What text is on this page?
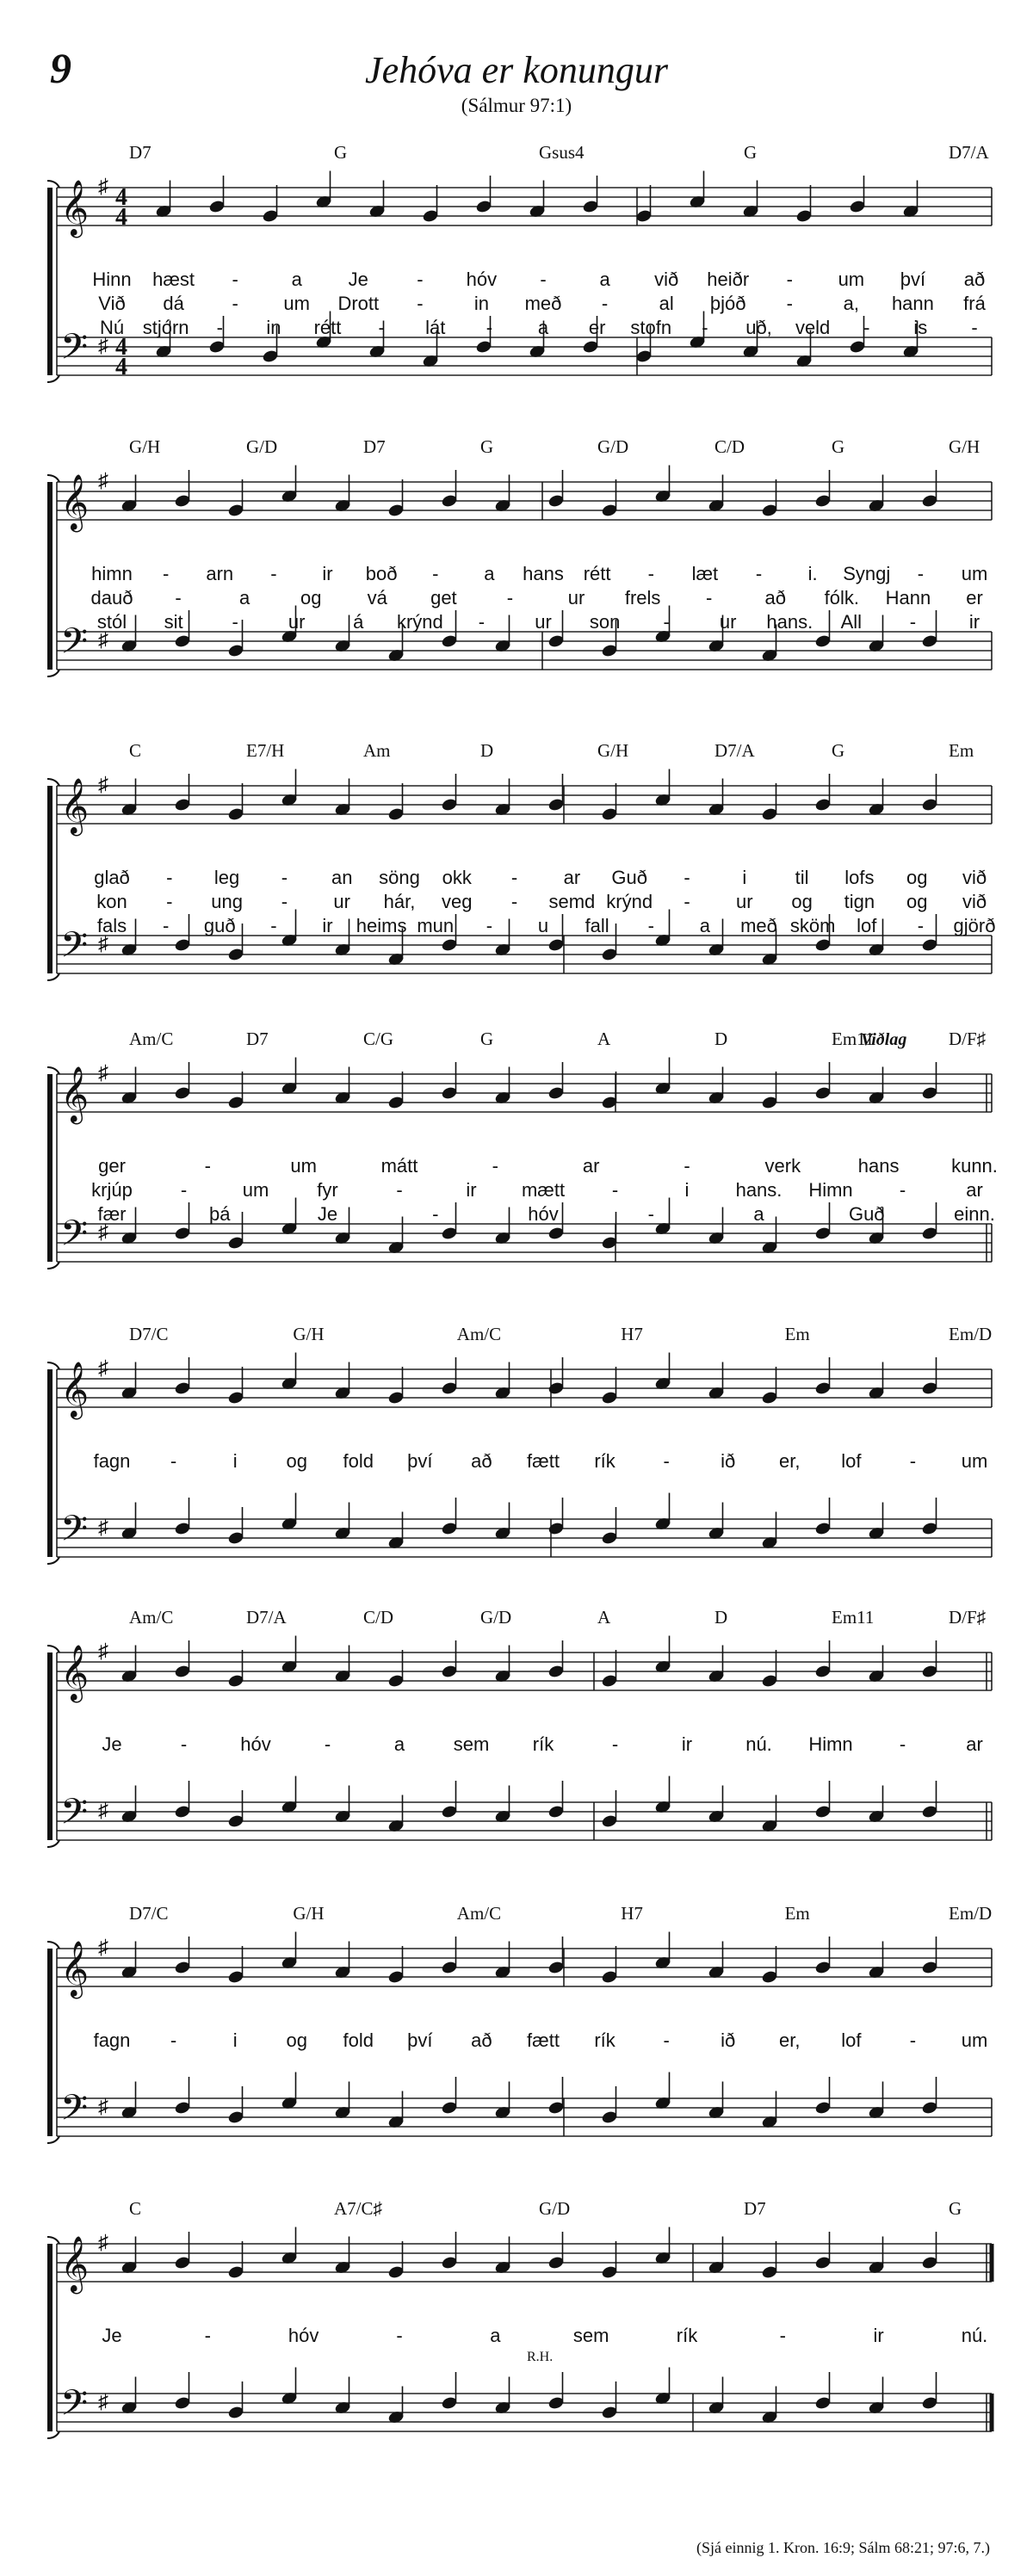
9	Jehóva er konungur
(Sálmur 97:1)
D7	G	Gsus4	G	D7/A
𝄞
𝄢
♯
♯
4
4
4
4
Hinn hæst -	a Je	- hóv -	a við heiðr - um því að
Við dá	- um Drott -	in með -	al þjóð -	a, hann frá
Nú stjórn - in rétt - lát - a er stofn - uð, veld - is -
G/H	G/D	D7	G	G/D	C/D	G	G/H
𝄞
𝄢
♯
♯
himn - arn - ir boð - a hans rétt - læt - i. Syngj - um
dauð -	a	og vá get	-	ur frels -	að fólk. Hann er
stól sit	-	ur	á krýnd -	ur son -	ur hans. All	-	ir
C	E7/H	Am	D	G/H	D7/A	G	Em
𝄞
𝄢
♯
♯
glað - leg - an söng okk - ar Guð -	i	til lofs og við
kon - ung - ur hár, veg - semd krýnd - ur og tign og við
fals - guð - ir heims mun - u fall - a með sköm lof - gjörð
Am/C	D7	C/G	G	A	D	Em11	D/F♯
𝄞
𝄢
♯
♯
Viðlag
ger	-	um	mátt	-	ar	-	verk	hans	kunn.
krjúp	-	um	fyr	-	ir mætt -	i hans. Himn -	ar
fær	þá	Je	-	hóv	-	a	Guð	einn.
D7/C	G/H	Am/C	H7	Em	Em/D
𝄞
𝄢
♯
♯
fagn -	i	og fold því að fætt rík	-	ið er, lof	- um
Am/C	D7/A	C/D	G/D	A	D	Em11	D/F♯
𝄞
𝄢
♯
♯
Je	-	hóv	-	a	sem rík	-	ir	nú. Himn -	ar
D7/C	G/H	Am/C	H7	Em	Em/D
𝄞
𝄢
♯
♯
fagn -	i	og fold því að fætt rík	-	ið er, lof	- um
C	A7/C♯	G/D	D7	G
𝄞
𝄢
♯
♯
R.H.
Je	-	hóv	-	a	sem	rík	-	ir	nú.
(Sjá einnig 1. Kron. 16:9; Sálm 68:21; 97:6, 7.)
